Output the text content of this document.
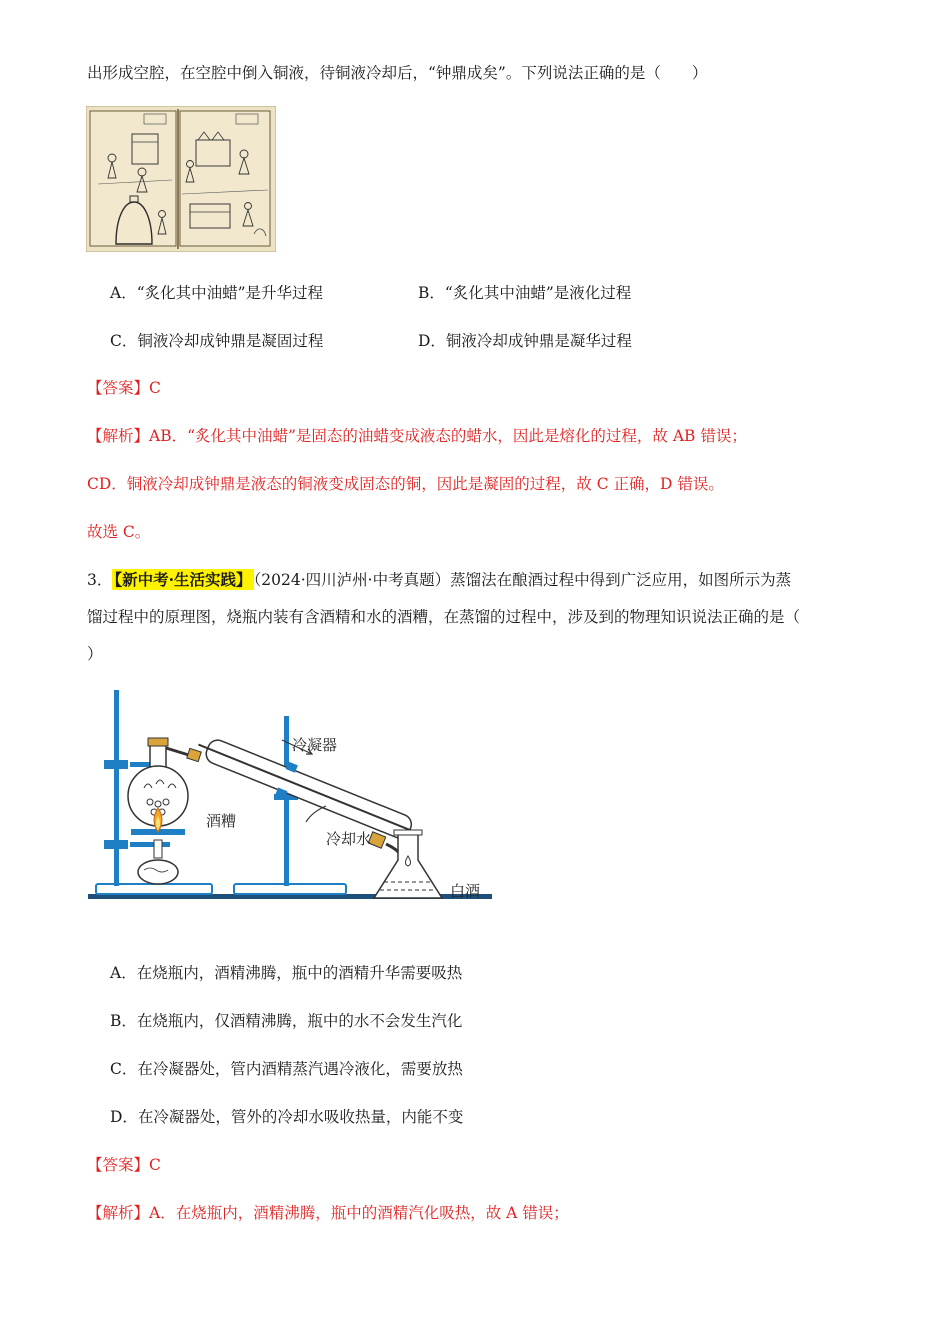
出形成空腔，在空腔中倒入铜液，待铜液冷却后，“钟鼎成矣”。下列说法正确的是（　　）
A．“炙化其中油蜡”是升华过程	B．“炙化其中油蜡”是液化过程
C．铜液冷却成钟鼎是凝固过程	D．铜液冷却成钟鼎是凝华过程
【答案】C
【解析】AB．“炙化其中油蜡”是固态的油蜡变成液态的蜡水，因此是熔化的过程，故 AB 错误；
CD．铜液冷却成钟鼎是液态的铜液变成固态的铜，因此是凝固的过程，故 C 正确，D 错误。
故选 C。
3． 【新中考·生活实践】 （2024·四川泸州·中考真题）蒸馏法在酿酒过程中得到广泛应用，如图所示为蒸
馏过程中的原理图，烧瓶内装有含酒精和水的酒糟，在蒸馏的过程中，涉及到的物理知识说法正确的是（
）
冷凝器
酒糟
冷却水
白酒
A．在烧瓶内，酒精沸腾，瓶中的酒精升华需要吸热
B．在烧瓶内，仅酒精沸腾，瓶中的水不会发生汽化
C．在冷凝器处，管内酒精蒸汽遇冷液化，需要放热
D．在冷凝器处，管外的冷却水吸收热量，内能不变
【答案】C
【解析】A．在烧瓶内，酒精沸腾，瓶中的酒精汽化吸热，故 A 错误；
